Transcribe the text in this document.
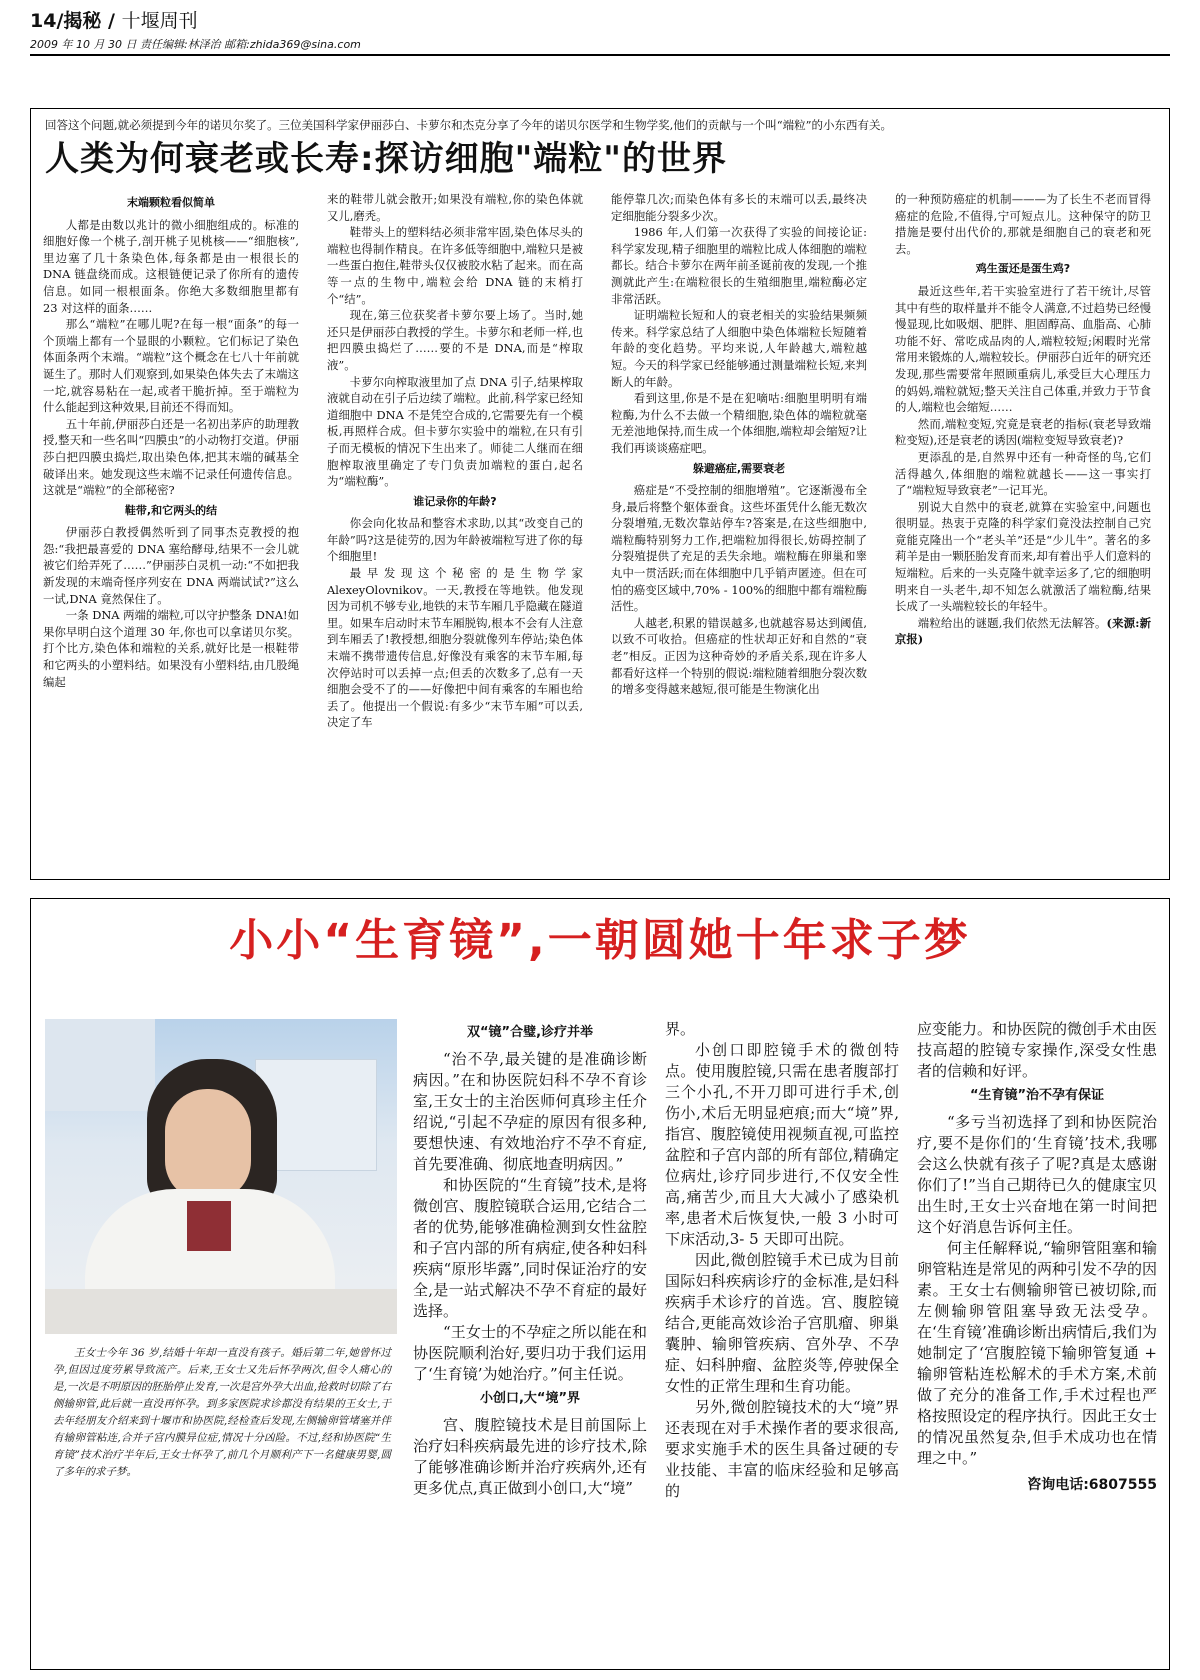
14/揭秘 / 十堰周刊
2009 年 10 月 30 日 责任编辑:林泽治 邮箱:zhida369@sina.com
回答这个问题,就必须提到今年的诺贝尔奖了。三位美国科学家伊丽莎白、卡萝尔和杰克分享了今年的诺贝尔医学和生物学奖,他们的贡献与一个叫“端粒”的小东西有关。
人类为何衰老或长寿:探访细胞"端粒"的世界
末端颗粒看似简单

人都是由数以兆计的微小细胞组成的。标准的细胞好像一个桃子,剖开桃子见桃核——“细胞核”,里边塞了几十条染色体,每条都是由一根很长的 DNA 链盘绕而成。这根链便记录了你所有的遗传信息。如同一根根面条。你绝大多数细胞里都有 23 对这样的面条……

那么“端粒”在哪儿呢?在每一根“面条”的每一个顶端上都有一个显眼的小颗粒。它们标记了染色体面条两个末端。“端粒”这个概念在七八十年前就诞生了。那时人们观察到,如果染色体失去了末端这一坨,就容易粘在一起,或者干脆折掉。至于端粒为什么能起到这种效果,目前还不得而知。

五十年前,伊丽莎白还是一名初出茅庐的助理教授,整天和一些名叫“四膜虫”的小动物打交道。伊丽莎白把四膜虫捣烂,取出染色体,把其末端的碱基全破译出来。她发现这些末端不记录任何遗传信息。这就是“端粒”的全部秘密?

鞋带,和它两头的结

伊丽莎白教授偶然听到了同事杰克教授的抱怨:“我把最喜爱的 DNA 塞给酵母,结果不一会儿就被它们给弄死了……”伊丽莎白灵机一动:“不如把我新发现的末端奇怪序列安在 DNA 两端试试?”这么一试,DNA 竟然保住了。

一条 DNA 两端的端粒,可以守护整条 DNA!如果你早明白这个道理 30 年,你也可以拿诺贝尔奖。打个比方,染色体和端粒的关系,就好比是一根鞋带和它两头的小塑料结。如果没有小塑料结,由几股绳编起

来的鞋带儿就会散开;如果没有端粒,你的染色体就又儿,磨秃。

鞋带头上的塑料结必须非常牢固,染色体尽头的端粒也得制作精良。在许多低等细胞中,端粒只是被一些蛋白抱住,鞋带头仅仅被胶水粘了起来。而在高等一点的生物中,端粒会给 DNA 链的末梢打个“结”。

现在,第三位获奖者卡萝尔要上场了。当时,她还只是伊丽莎白教授的学生。卡萝尔和老师一样,也把四膜虫捣烂了……要的不是 DNA,而是“榨取液”。

卡萝尔向榨取液里加了点 DNA 引子,结果榨取液就自动在引子后边续了端粒。此前,科学家已经知道细胞中 DNA 不是凭空合成的,它需要先有一个模板,再照样合成。但卡萝尔实验中的端粒,在只有引子而无模板的情况下生出来了。师徒二人继而在细胞榨取液里确定了专门负责加端粒的蛋白,起名为“端粒酶”。

谁记录你的年龄?

你会向化妆品和整容术求助,以其“改变自己的年龄”吗?这是徒劳的,因为年龄被端粒写进了你的每个细胞里!

最早发现这个秘密的是生物学家 AlexeyOlovnikov。一天,教授在等地铁。他发现因为司机不够专业,地铁的末节车厢几乎隐藏在隧道里。如果车启动时末节车厢脱钩,根本不会有人注意到车厢丢了!教授想,细胞分裂就像列车停站;染色体末端不携带遗传信息,好像没有乘客的末节车厢,每次停站时可以丢掉一点;但丢的次数多了,总有一天细胞会受不了的——好像把中间有乘客的车厢也给丢了。他提出一个假说:有多少“末节车厢”可以丢,决定了车

能停靠几次;而染色体有多长的末端可以丢,最终决定细胞能分裂多少次。

1986 年,人们第一次获得了实验的间接论证:科学家发现,精子细胞里的端粒比成人体细胞的端粒都长。结合卡萝尔在两年前圣诞前夜的发现,一个推测就此产生:在端粒很长的生殖细胞里,端粒酶必定非常活跃。

证明端粒长短和人的衰老相关的实验结果频频传来。科学家总结了人细胞中染色体端粒长短随着年龄的变化趋势。平均来说,人年龄越大,端粒越短。今天的科学家已经能够通过测量端粒长短,来判断人的年龄。

看到这里,你是不是在犯嘀咕:细胞里明明有端粒酶,为什么不去做一个精细胞,染色体的端粒就毫无差池地保持,而生成一个体细胞,端粒却会缩短?让我们再谈谈癌症吧。

躲避癌症,需要衰老

癌症是“不受控制的细胞增殖”。它逐渐漫布全身,最后将整个躯体蚕食。这些坏蛋凭什么能无数次分裂增殖,无数次靠站停车?答案是,在这些细胞中,端粒酶特别努力工作,把端粒加得很长,妨碍控制了分裂殖提供了充足的丢失余地。端粒酶在卵巢和睾丸中一贯活跃;而在体细胞中几乎销声匿迹。但在可怕的癌变区域中,70% - 100%的细胞中都有端粒酶活性。

人越老,积累的错误越多,也就越容易达到阈值,以致不可收拾。但癌症的性状却正好和自然的“衰老”相反。正因为这种奇妙的矛盾关系,现在许多人都看好这样一个特别的假说:端粒随着细胞分裂次数的增多变得越来越短,很可能是生物演化出

的一种预防癌症的机制———为了长生不老而冒得癌症的危险,不值得,宁可短点儿。这种保守的防卫措施是要付出代价的,那就是细胞自己的衰老和死去。

鸡生蛋还是蛋生鸡?

最近这些年,若干实验室进行了若干统计,尽管其中有些的取样量并不能令人满意,不过趋势已经慢慢显现,比如吸烟、肥胖、胆固醇高、血脂高、心肺功能不好、常吃成品肉的人,端粒较短;闲暇时光常常用来锻炼的人,端粒较长。伊丽莎白近年的研究还发现,那些需要常年照顾重病儿,承受巨大心理压力的妈妈,端粒就短;整天关注自己体重,并致力于节食的人,端粒也会缩短……

然而,端粒变短,究竟是衰老的指标(衰老导致端粒变短),还是衰老的诱因(端粒变短导致衰老)?

更添乱的是,自然界中还有一种奇怪的鸟,它们活得越久,体细胞的端粒就越长——这一事实打了“端粒短导致衰老”一记耳光。

别说大自然中的衰老,就算在实验室中,问题也很明显。热衷于克隆的科学家们竟没法控制自己究竟能克隆出一个“老头羊”还是“少儿牛”。著名的多莉羊是由一颗胚胎发育而来,却有着出乎人们意料的短端粒。后来的一头克隆牛就幸运多了,它的细胞明明来自一头老牛,却不知怎么就激活了端粒酶,结果长成了一头端粒较长的年轻牛。

端粒给出的谜题,我们依然无法解答。(来源:新京报)

小小“生育镜”,一朝圆她十年求子梦

王女士今年 36 岁,结婚十年却一直没有孩子。婚后第二年,她曾怀过孕,但因过度劳累导致流产。后来,王女士又先后怀孕两次,但令人痛心的是,一次是不明原因的胚胎停止发育,一次是宫外孕大出血,抢救时切除了右侧输卵管,此后就一直没再怀孕。到多家医院求诊都没有结果的王女士,于去年经朋友介绍来到十堰市和协医院,经检查后发现,左侧输卵管堵塞并伴有输卵管粘连,合并子宫内膜异位症,情况十分凶险。不过,经和协医院“生育镜”技术治疗半年后,王女士怀孕了,前几个月顺利产下一名健康男婴,圆了多年的求子梦。

双“镜”合璧,诊疗并举

“治不孕,最关键的是准确诊断病因。”在和协医院妇科不孕不育诊室,王女士的主治医师何真珍主任介绍说,“引起不孕症的原因有很多种,要想快速、有效地治疗不孕不育症,首先要准确、彻底地查明病因。”

和协医院的“生育镜”技术,是将微创宫、腹腔镜联合运用,它结合二者的优势,能够准确检测到女性盆腔和子宫内部的所有病症,使各种妇科疾病“原形毕露”,同时保证治疗的安全,是一站式解决不孕不育症的最好选择。

“王女士的不孕症之所以能在和协医院顺利治好,要归功于我们运用了‘生育镜’为她治疗。”何主任说。

小创口,大“境”界

宫、腹腔镜技术是目前国际上治疗妇科疾病最先进的诊疗技术,除了能够准确诊断并治疗疾病外,还有更多优点,真正做到小创口,大“境”

界。

小创口即腔镜手术的微创特点。使用腹腔镜,只需在患者腹部打三个小孔,不开刀即可进行手术,创伤小,术后无明显疤痕;而大“境”界,指宫、腹腔镜使用视频直视,可监控盆腔和子宫内部的所有部位,精确定位病灶,诊疗同步进行,不仅安全性高,痛苦少,而且大大减小了感染机率,患者术后恢复快,一般 3 小时可下床活动,3- 5 天即可出院。

因此,微创腔镜手术已成为目前国际妇科疾病诊疗的金标准,是妇科疾病手术诊疗的首选。宫、腹腔镜结合,更能高效诊治子宫肌瘤、卵巢囊肿、输卵管疾病、宫外孕、不孕症、妇科肿瘤、盆腔炎等,停驶保全女性的正常生理和生育功能。

另外,微创腔镜技术的大“境”界还表现在对手术操作者的要求很高,要求实施手术的医生具备过硬的专业技能、丰富的临床经验和足够高的

应变能力。和协医院的微创手术由医技高超的腔镜专家操作,深受女性患者的信赖和好评。

“生育镜”治不孕有保证

“多亏当初选择了到和协医院治疗,要不是你们的‘生育镜’技术,我哪会这么快就有孩子了呢?真是太感谢你们了!”当自己期待已久的健康宝贝出生时,王女士兴奋地在第一时间把这个好消息告诉何主任。

何主任解释说,“输卵管阻塞和输卵管粘连是常见的两种引发不孕的因素。王女士右侧输卵管已被切除,而左侧输卵管阻塞导致无法受孕。在‘生育镜’准确诊断出病情后,我们为她制定了‘宫腹腔镜下输卵管复通 + 输卵管粘连松解术的手术方案,术前做了充分的准备工作,手术过程也严格按照设定的程序执行。因此王女士的情况虽然复杂,但手术成功也在情理之中。”

咨询电话:6807555
